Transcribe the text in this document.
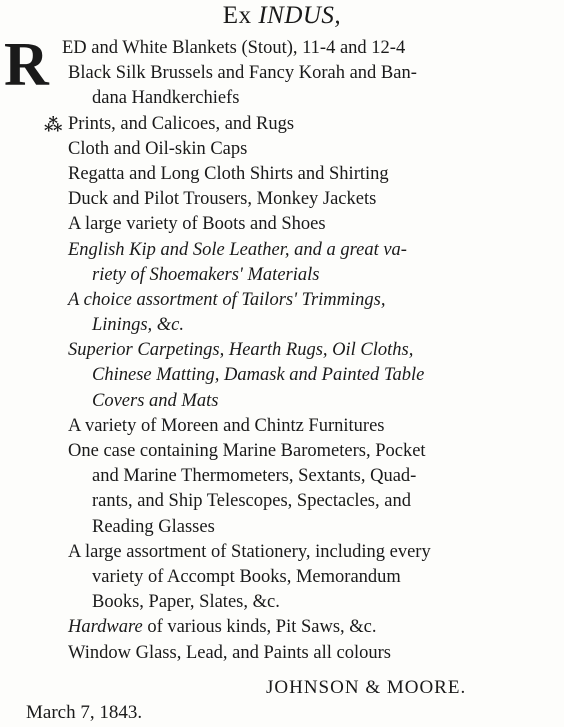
Ex INDUS,
R
⁂
ED and White Blankets (Stout), 11-4 and 12-4
Black Silk Brussels and Fancy Korah and Ban-
dana Handkerchiefs
Prints, and Calicoes, and Rugs
Cloth and Oil-skin Caps
Regatta and Long Cloth Shirts and Shirting
Duck and Pilot Trousers, Monkey Jackets
A large variety of Boots and Shoes
English Kip and Sole Leather, and a great va-
riety of Shoemakers' Materials
A choice assortment of Tailors' Trimmings,
Linings, &c.
Superior Carpetings, Hearth Rugs, Oil Cloths,
Chinese Matting, Damask and Painted Table
Covers and Mats
A variety of Moreen and Chintz Furnitures
One case containing Marine Barometers, Pocket
and Marine Thermometers, Sextants, Quad-
rants, and Ship Telescopes, Spectacles, and
Reading Glasses
A large assortment of Stationery, including every
variety of Accompt Books, Memorandum
Books, Paper, Slates, &c.
Hardware of various kinds, Pit Saws, &c.
Window Glass, Lead, and Paints all colours
JOHNSON & MOORE.
March 7, 1843.
